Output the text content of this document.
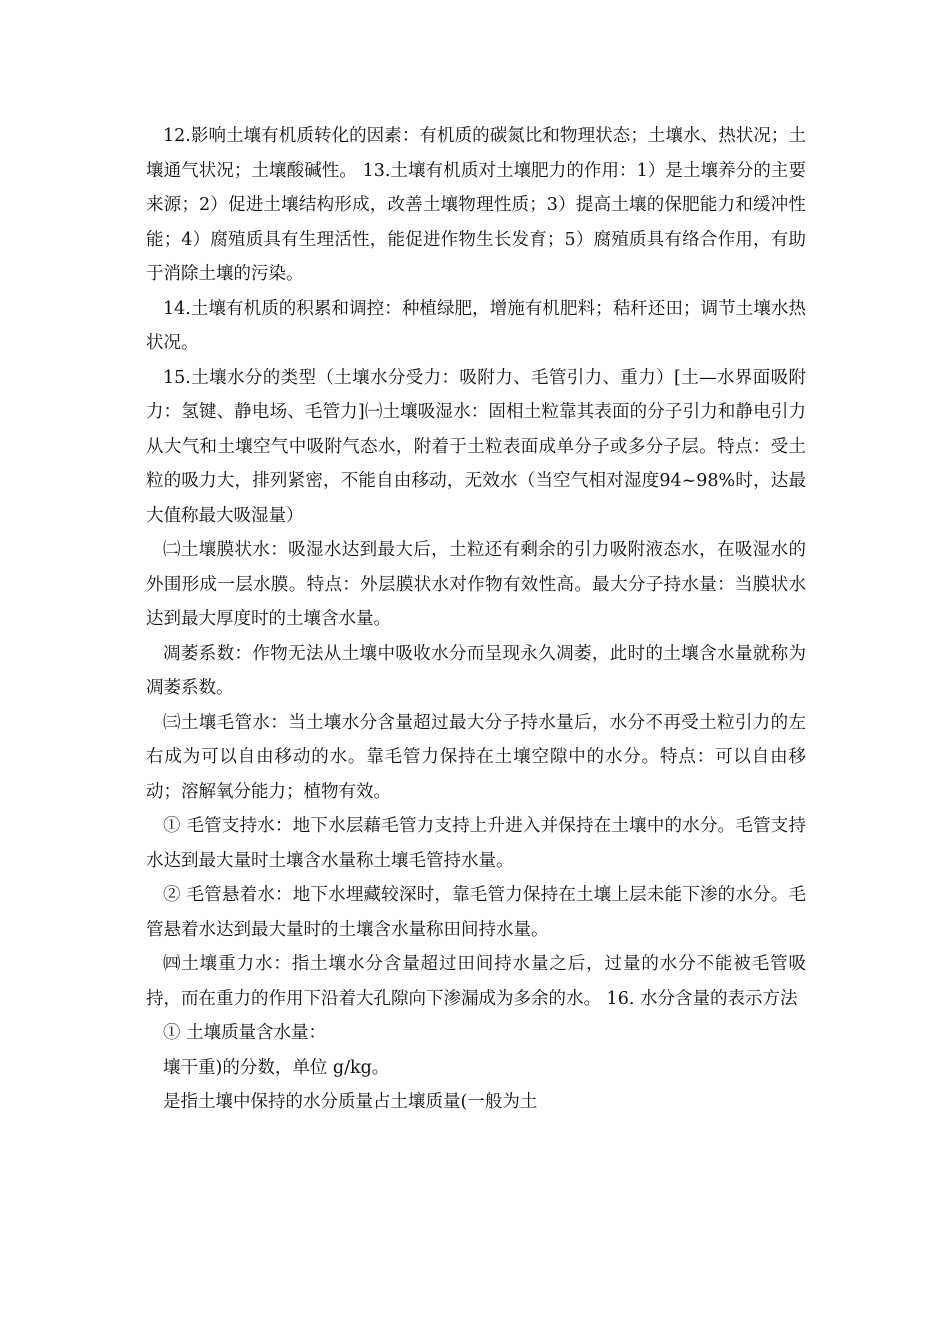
12.影响土壤有机质转化的因素：有机质的碳氮比和物理状态；土壤水、热状况；土壤通气状况；土壤酸碱性。 13.土壤有机质对土壤肥力的作用：1）是土壤养分的主要来源；2）促进土壤结构形成，改善土壤物理性质；3）提高土壤的保肥能力和缓冲性能；4）腐殖质具有生理活性，能促进作物生长发育；5）腐殖质具有络合作用，有助于消除土壤的污染。

14.土壤有机质的积累和调控：种植绿肥，增施有机肥料；秸秆还田；调节土壤水热状况。

15.土壤水分的类型（土壤水分受力：吸附力、毛管引力、重力）[土—水界面吸附力：氢键、静电场、毛管力]㈠土壤吸湿水：固相土粒靠其表面的分子引力和静电引力从大气和土壤空气中吸附气态水，附着于土粒表面成单分子或多分子层。特点：受土粒的吸力大，排列紧密，不能自由移动，无效水（当空气相对湿度94~98%时，达最大值称最大吸湿量）

㈡土壤膜状水：吸湿水达到最大后，土粒还有剩余的引力吸附液态水，在吸湿水的外围形成一层水膜。特点：外层膜状水对作物有效性高。最大分子持水量：当膜状水达到最大厚度时的土壤含水量。

凋萎系数：作物无法从土壤中吸收水分而呈现永久凋萎，此时的土壤含水量就称为凋萎系数。

㈢土壤毛管水：当土壤水分含量超过最大分子持水量后，水分不再受土粒引力的左右成为可以自由移动的水。靠毛管力保持在土壤空隙中的水分。特点：可以自由移动；溶解氧分能力；植物有效。

① 毛管支持水：地下水层藉毛管力支持上升进入并保持在土壤中的水分。毛管支持水达到最大量时土壤含水量称土壤毛管持水量。

② 毛管悬着水：地下水埋藏较深时，靠毛管力保持在土壤上层未能下渗的水分。毛管悬着水达到最大量时的土壤含水量称田间持水量。

㈣土壤重力水：指土壤水分含量超过田间持水量之后，过量的水分不能被毛管吸持，而在重力的作用下沿着大孔隙向下渗漏成为多余的水。 16. 水分含量的表示方法

① 土壤质量含水量：

壤干重)的分数，单位 g/kg。

是指土壤中保持的水分质量占土壤质量(一般为土
